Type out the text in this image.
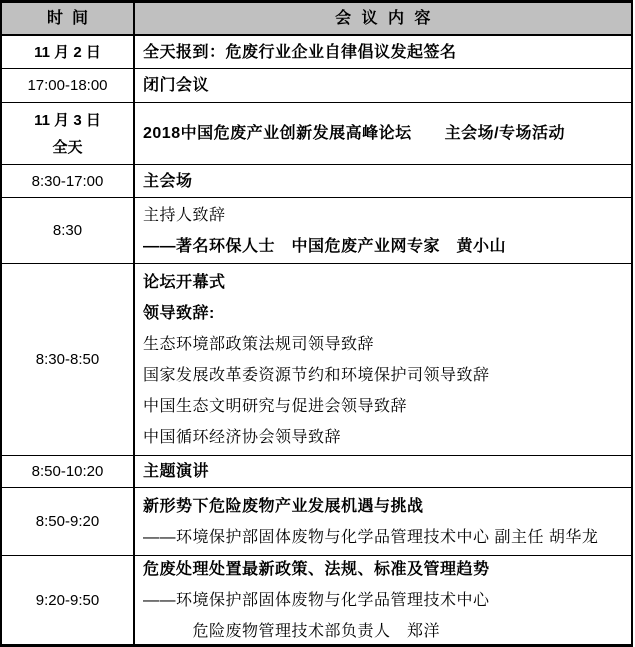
时  间	会  议  内  容
11 月 2 日	全天报到：危废行业企业自律倡议发起签名
17:00-18:00 闭门会议
11 月 3 日
全天
2018中国危废产业创新发展高峰论坛　　主会场/专场活动
8:30-17:00 主会场
8:30
主持人致辞
——著名环保人士　中国危废产业网专家　黄小山
8:30-8:50
论坛开幕式
领导致辞:
生态环境部政策法规司领导致辞
国家发展改革委资源节约和环境保护司领导致辞
中国生态文明研究与促进会领导致辞
中国循环经济协会领导致辞
8:50-10:20 主题演讲
8:50-9:20
新形势下危险废物产业发展机遇与挑战
——环境保护部固体废物与化学品管理技术中心 副主任 胡华龙
9:20-9:50
危废处理处置最新政策、法规、标准及管理趋势
——环境保护部固体废物与化学品管理技术中心
　　　危险废物管理技术部负责人　郑洋
